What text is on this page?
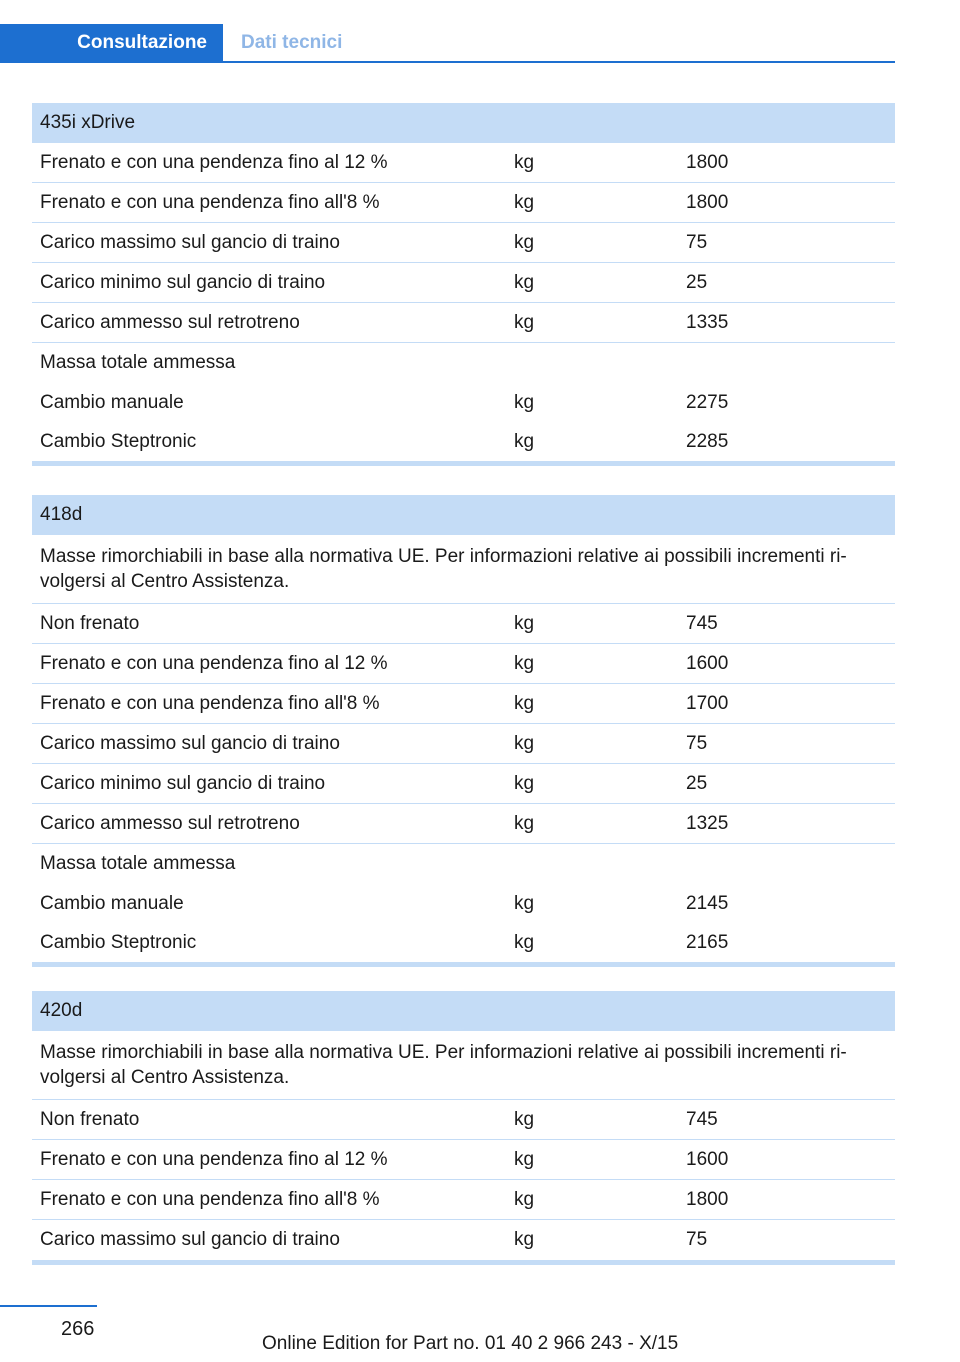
Consultazione	Dati tecnici
435i xDrive
Frenato e con una pendenza fino al 12 %	kg	1800
Frenato e con una pendenza fino all'8 %	kg	1800
Carico massimo sul gancio di traino	kg	75
Carico minimo sul gancio di traino	kg	25
Carico ammesso sul retrotreno	kg	1335
Massa totale ammessa
Cambio manuale	kg	2275
Cambio Steptronic	kg	2285
418d
Masse rimorchiabili in base alla normativa UE. Per informazioni relative ai possibili incrementi ri-volgersi al Centro Assistenza.
Non frenato	kg	745
Frenato e con una pendenza fino al 12 %	kg	1600
Frenato e con una pendenza fino all'8 %	kg	1700
Carico massimo sul gancio di traino	kg	75
Carico minimo sul gancio di traino	kg	25
Carico ammesso sul retrotreno	kg	1325
Massa totale ammessa
Cambio manuale	kg	2145
Cambio Steptronic	kg	2165
420d
Masse rimorchiabili in base alla normativa UE. Per informazioni relative ai possibili incrementi ri-volgersi al Centro Assistenza.
Non frenato	kg	745
Frenato e con una pendenza fino al 12 %	kg	1600
Frenato e con una pendenza fino all'8 %	kg	1800
Carico massimo sul gancio di traino	kg	75
266
Online Edition for Part no. 01 40 2 966 243 - X/15
